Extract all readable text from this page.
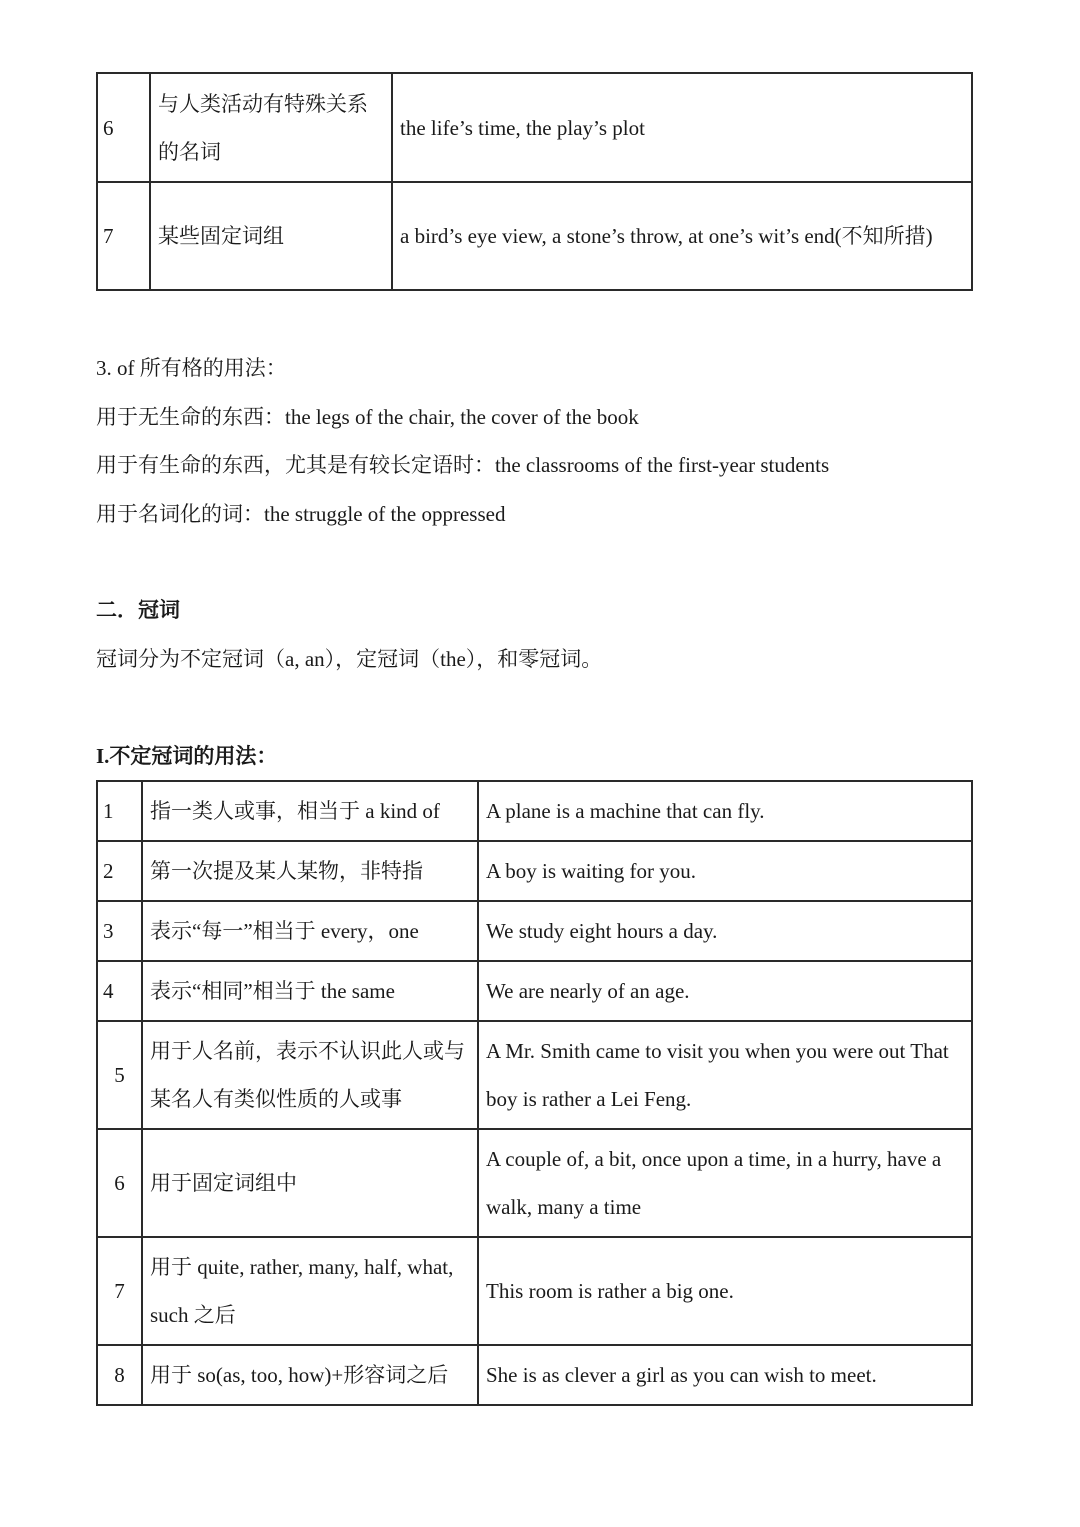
6	与人类活动有特殊关系的名词	the life’s time, the play’s plot
7	某些固定词组	a bird’s eye view, a stone’s throw, at one’s wit’s end(不知所措)

3. of 所有格的用法：

用于无生命的东西：the legs of the chair, the cover of the book

用于有生命的东西，尤其是有较长定语时：the classrooms of the first-year students

用于名词化的词：the struggle of the oppressed

二．冠词

冠词分为不定冠词（a, an），定冠词（the），和零冠词。

I.不定冠词的用法：

1	指一类人或事，相当于 a kind of	A plane is a machine that can fly.
2	第一次提及某人某物，非特指	A boy is waiting for you.
3	表示“每一”相当于 every，one	We study eight hours a day.
4	表示“相同”相当于 the same	We are nearly of an age.
5	用于人名前，表示不认识此人或与某名人有类似性质的人或事	A Mr. Smith came to visit you when you were out That boy is rather a Lei Feng.
6	用于固定词组中	A couple of, a bit, once upon a time, in a hurry, have a walk, many a time
7	用于 quite, rather, many, half, what, such 之后	This room is rather a big one.
8	用于 so(as, too, how)+形容词之后	She is as clever a girl as you can wish to meet.
